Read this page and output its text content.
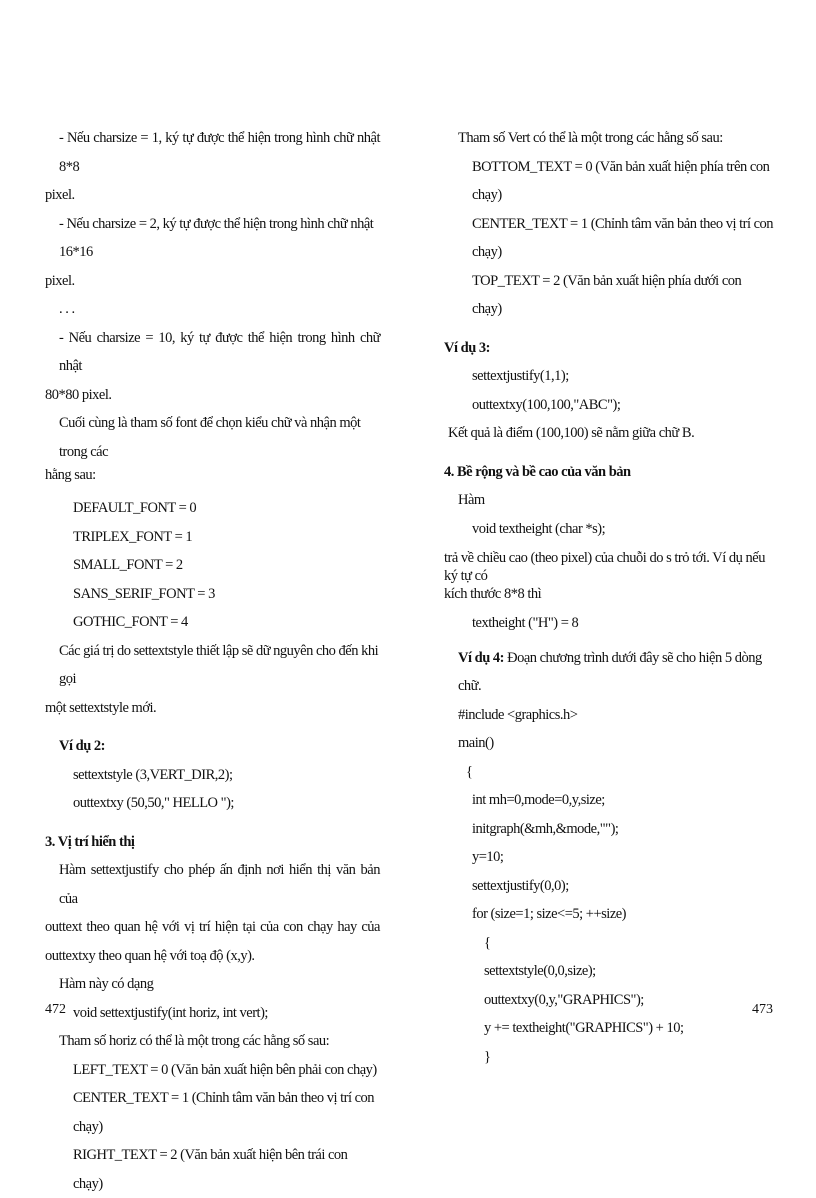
- Nếu charsize = 1, ký tự được thể hiện trong hình chữ nhật 8*8

pixel.

- Nếu charsize = 2, ký tự được thể hiện trong hình chữ nhật 16*16

pixel.

. . .

- Nếu charsize = 10, ký tự được thể hiện trong hình chữ nhật

80*80 pixel.

Cuối cùng là tham số font để chọn kiểu chữ và nhận một trong các

hằng sau:

DEFAULT_FONT = 0

TRIPLEX_FONT = 1

SMALL_FONT = 2

SANS_SERIF_FONT = 3

GOTHIC_FONT = 4

Các giá trị do settextstyle thiết lập sẽ dữ nguyên cho đến khi gọi

một settextstyle mới.

Ví dụ 2:

settextstyle (3,VERT_DIR,2);

outtextxy (50,50," HELLO ");

3. Vị trí hiển thị

Hàm settextjustify cho phép ấn định nơi hiển thị văn bản của

outtext theo quan hệ với vị trí hiện tại của con chạy hay của

outtextxy theo quan hệ với toạ độ (x,y).

Hàm này có dạng

void settextjustify(int horiz, int vert);

Tham số horiz có thể là một trong các hằng số sau:

LEFT_TEXT = 0 (Văn bản xuất hiện bên phải con chạy)

CENTER_TEXT = 1 (Chỉnh tâm văn bản theo vị trí con chạy)

RIGHT_TEXT = 2 (Văn bản xuất hiện bên trái con chạy)

Tham số Vert có thể là một trong các hằng số sau:

BOTTOM_TEXT = 0 (Văn bản xuất hiện phía trên con chạy)

CENTER_TEXT = 1 (Chỉnh tâm văn bản theo vị trí con chạy)

TOP_TEXT = 2 (Văn bản xuất hiện phía dưới con chạy)

Ví dụ 3:

settextjustify(1,1);

outtextxy(100,100,"ABC");

Kết quả là điểm (100,100) sẽ nằm giữa chữ B.

4. Bề rộng và bề cao của văn bản

Hàm

void textheight (char *s);

trả về chiều cao (theo pixel) của chuỗi do s trỏ tới. Ví dụ nếu ký tự có

kích thước 8*8 thì

textheight ("H") = 8

Ví dụ 4: Đoạn chương trình dưới đây sẽ cho hiện 5 dòng chữ.

#include <graphics.h>

main()

{

int mh=0,mode=0,y,size;

initgraph(&mh,&mode,"");

y=10;

settextjustify(0,0);

for (size=1; size<=5; ++size)

{

settextstyle(0,0,size);

outtextxy(0,y,"GRAPHICS");

y += textheight("GRAPHICS") + 10;

}

472	473
